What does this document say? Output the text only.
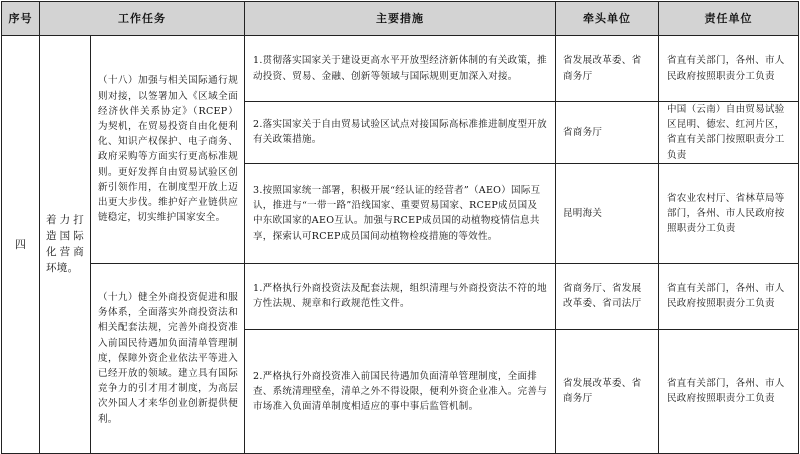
序号	工作任务		主要措施	牵头单位	责任单位
四	着力打造国际化营商环境。	（十八）加强与相关国际通行规则对接，以签署加入《区域全面经济伙伴关系协定》（RCEP）为契机，在贸易投资自由化便利化、知识产权保护、电子商务、政府采购等方面实行更高标准规则。更好发挥自由贸易试验区创新引领作用，在制度型开放上迈出更大步伐。维护好产业链供应链稳定，切实维护国家安全。	1.贯彻落实国家关于建设更高水平开放型经济新体制的有关政策，推动投资、贸易、金融、创新等领域与国际规则更加深入对接。	省发展改革委、省商务厅	省直有关部门，各州、市人民政府按照职责分工负责
			2.落实国家关于自由贸易试验区试点对接国际高标准推进制度型开放有关政策措施。	省商务厅	中国（云南）自由贸易试验区昆明、德宏、红河片区，省直有关部门按照职责分工负责
			3.按照国家统一部署，积极开展“经认证的经营者”（AEO）国际互认，推进与“一带一路”沿线国家、重要贸易国家、RCEP成员国及中东欧国家的AEO互认。加强与RCEP成员国的动植物疫情信息共享，探索认可RCEP成员国间动植物检疫措施的等效性。	昆明海关	省农业农村厅、省林草局等部门，各州、市人民政府按照职责分工负责
		（十九）健全外商投资促进和服务体系，全面落实外商投资法和相关配套法规，完善外商投资准入前国民待遇加负面清单管理制度，保障外资企业依法平等进入已经开放的领域。建立具有国际竞争力的引才用才制度，为高层次外国人才来华创业创新提供便利。	1.严格执行外商投资法及配套法规，组织清理与外商投资法不符的地方性法规、规章和行政规范性文件。	省商务厅、省发展改革委、省司法厅	省直有关部门，各州、市人民政府按照职责分工负责
			2.严格执行外商投资准入前国民待遇加负面清单管理制度，全面排查、系统清理壁垒，清单之外不得设限，便利外资企业准入。完善与市场准入负面清单制度相适应的事中事后监管机制。	省发展改革委、省商务厅	省直有关部门，各州、市人民政府按照职责分工负责
